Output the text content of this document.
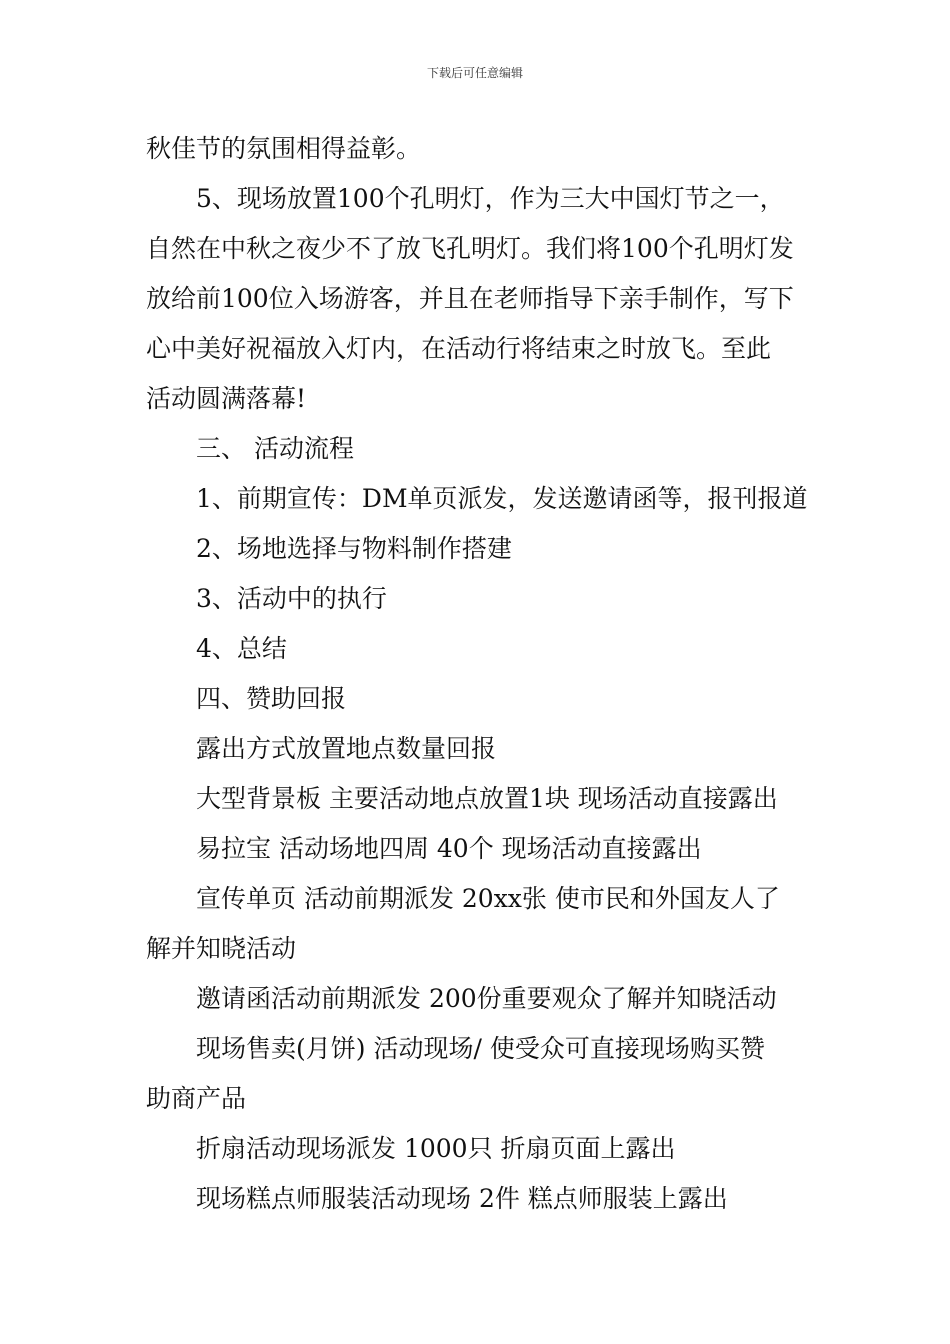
下载后可任意编辑
秋佳节的氛围相得益彰。
5、现场放置100个孔明灯，作为三大中国灯节之一，
自然在中秋之夜少不了放飞孔明灯。我们将100个孔明灯发
放给前100位入场游客，并且在老师指导下亲手制作，写下
心中美好祝福放入灯内，在活动行将结束之时放飞。至此
活动圆满落幕!
三、 活动流程
1、前期宣传：DM单页派发，发送邀请函等，报刊报道
2、场地选择与物料制作搭建
3、活动中的执行
4、总结
四、赞助回报
露出方式放置地点数量回报
大型背景板 主要活动地点放置1块 现场活动直接露出
易拉宝 活动场地四周 40个 现场活动直接露出
宣传单页 活动前期派发 20xx张 使市民和外国友人了
解并知晓活动
邀请函活动前期派发 200份重要观众了解并知晓活动
现场售卖(月饼) 活动现场/ 使受众可直接现场购买赞
助商产品
折扇活动现场派发 1000只 折扇页面上露出
现场糕点师服装活动现场 2件 糕点师服装上露出
